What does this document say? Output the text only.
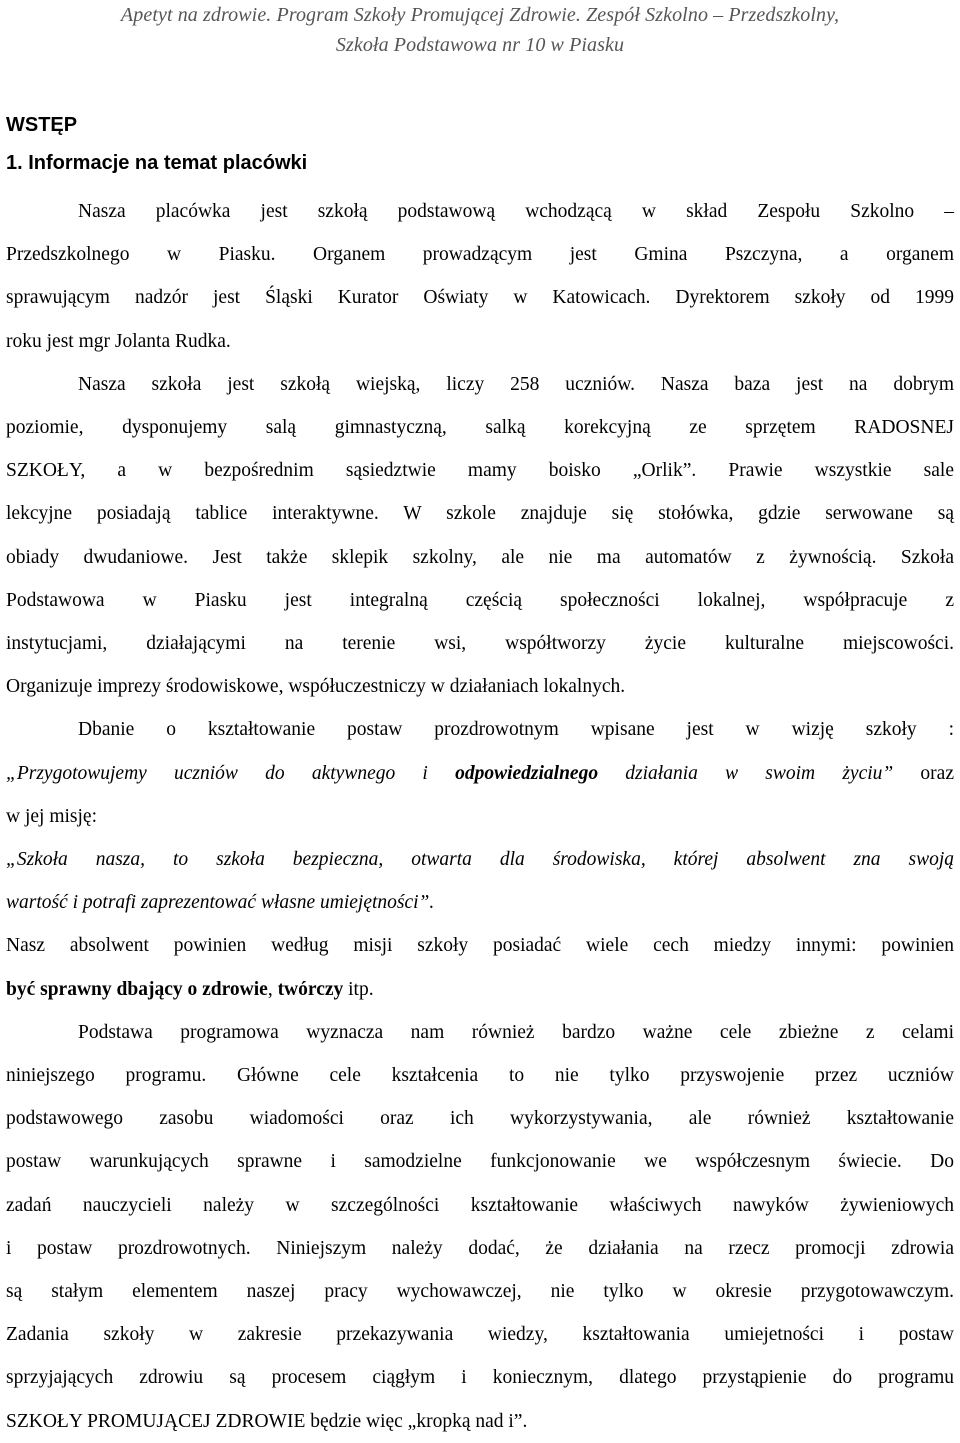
Apetyt na zdrowie. Program Szkoły Promującej Zdrowie. Zespół Szkolno – Przedszkolny,
Szkoła Podstawowa nr 10 w Piasku
WSTĘP
1. Informacje na temat placówki
Nasza placówka jest szkołą podstawową wchodzącą w skład Zespołu Szkolno –
Przedszkolnego w Piasku. Organem prowadzącym jest Gmina Pszczyna, a organem
sprawującym nadzór jest Śląski Kurator Oświaty w Katowicach. Dyrektorem szkoły od 1999
roku jest mgr Jolanta Rudka.
Nasza szkoła jest szkołą wiejską, liczy 258 uczniów. Nasza baza jest na dobrym
poziomie, dysponujemy salą gimnastyczną, salką korekcyjną ze sprzętem RADOSNEJ
SZKOŁY, a w bezpośrednim sąsiedztwie mamy boisko „Orlik”. Prawie wszystkie sale
lekcyjne posiadają tablice interaktywne. W szkole znajduje się stołówka, gdzie serwowane są
obiady dwudaniowe. Jest także sklepik szkolny, ale nie ma automatów z żywnością. Szkoła
Podstawowa w Piasku jest integralną częścią społeczności lokalnej, współpracuje z
instytucjami, działającymi na terenie wsi, współtworzy życie kulturalne miejscowości.
Organizuje imprezy środowiskowe, współuczestniczy w działaniach lokalnych.
Dbanie o kształtowanie postaw prozdrowotnym wpisane jest w wizję szkoły :
„Przygotowujemy uczniów do aktywnego i odpowiedzialnego działania w swoim życiu” oraz
w jej misję:
„Szkoła nasza, to szkoła bezpieczna, otwarta dla środowiska, której absolwent zna swoją
wartość i potrafi zaprezentować własne umiejętności”.
Nasz absolwent powinien według misji szkoły posiadać wiele cech miedzy innymi: powinien
być sprawny dbający o zdrowie, twórczy itp.
Podstawa programowa wyznacza nam również bardzo ważne cele zbieżne z celami
niniejszego programu. Główne cele kształcenia to nie tylko przyswojenie przez uczniów
podstawowego zasobu wiadomości oraz ich wykorzystywania, ale również kształtowanie
postaw warunkujących sprawne i samodzielne funkcjonowanie we współczesnym świecie. Do
zadań nauczycieli należy w szczególności kształtowanie właściwych nawyków żywieniowych
i postaw prozdrowotnych. Niniejszym należy dodać, że działania na rzecz promocji zdrowia
są stałym elementem naszej pracy wychowawczej, nie tylko w okresie przygotowawczym.
Zadania szkoły w zakresie przekazywania wiedzy, kształtowania umiejetności i postaw
sprzyjających zdrowiu są procesem ciągłym i koniecznym, dlatego przystąpienie do programu
SZKOŁY PROMUJĄCEJ ZDROWIE będzie więc „kropką nad i”.
